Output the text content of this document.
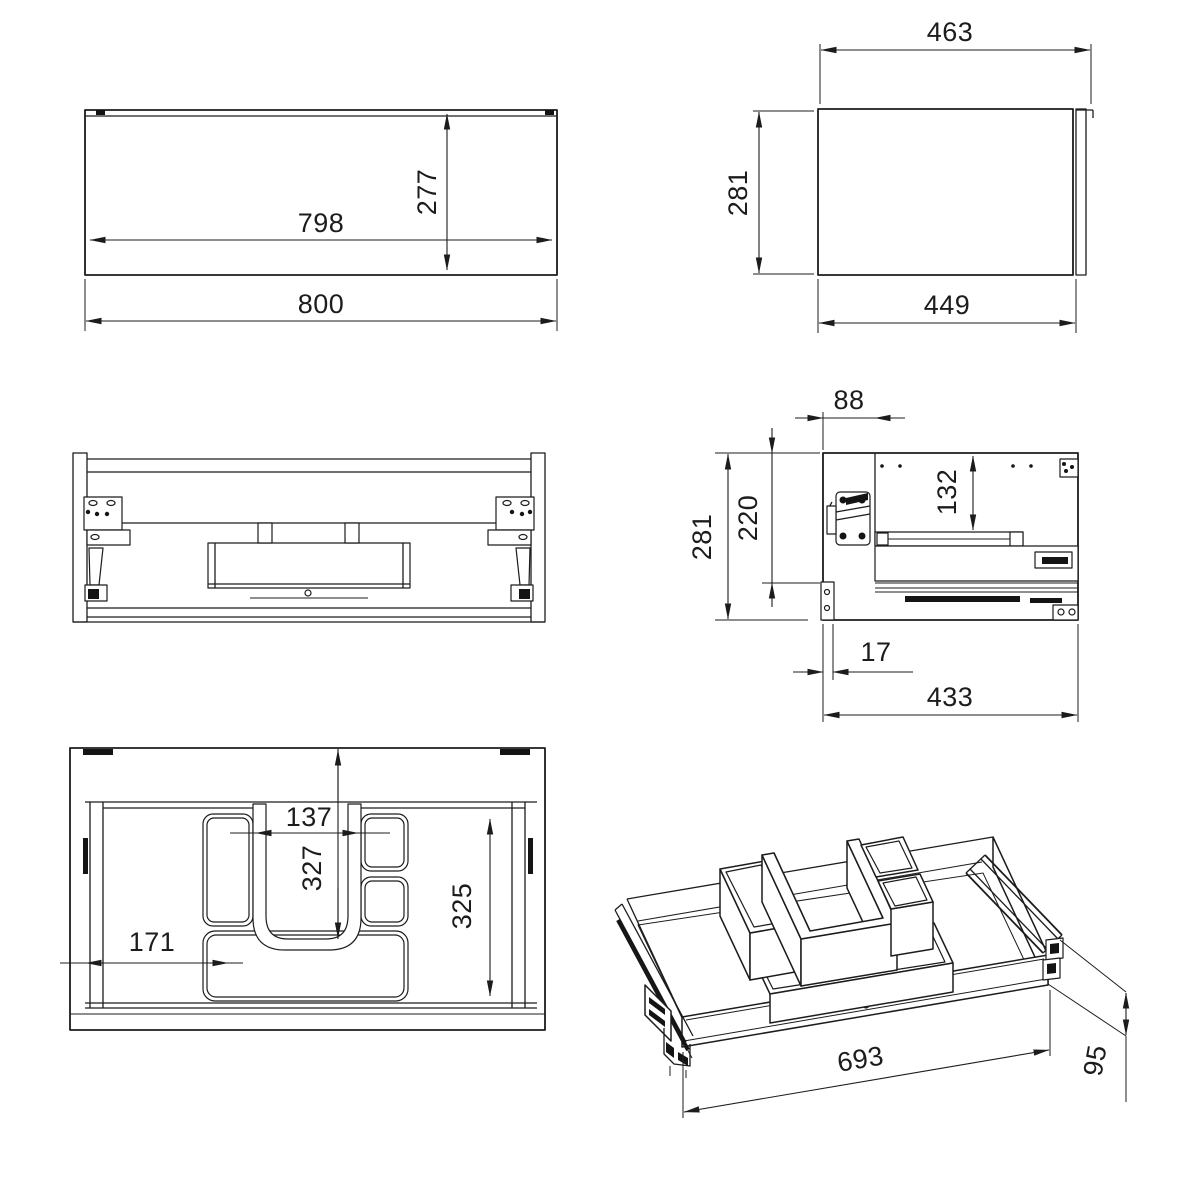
798
277
800
463
281
449
88
132
281 220
17
433
137
327
325
171
693	95
